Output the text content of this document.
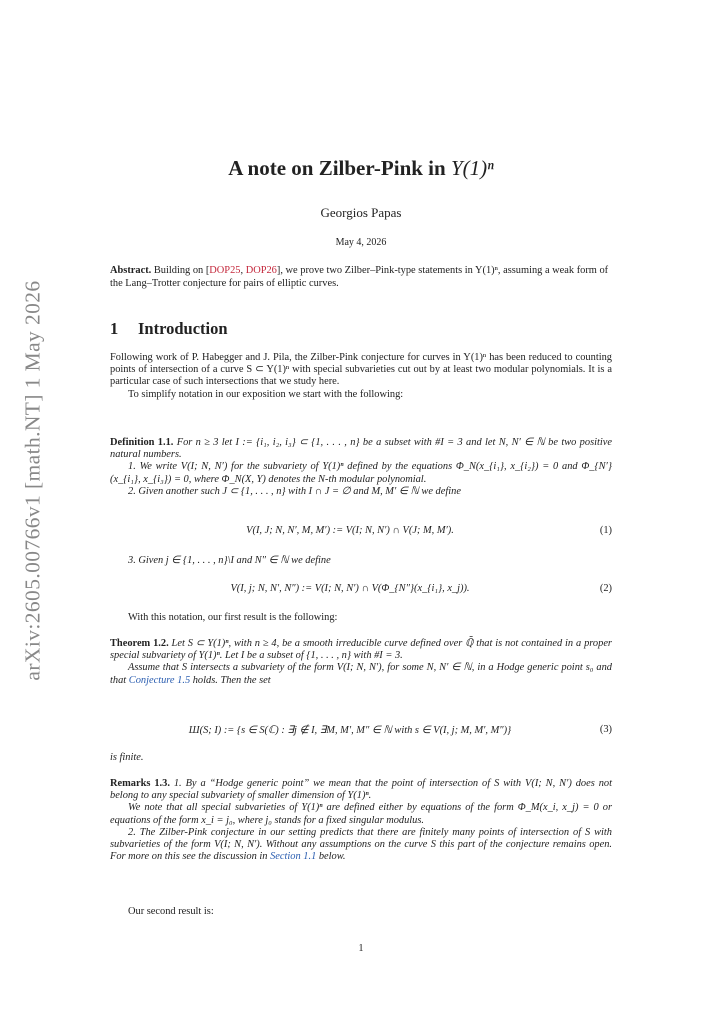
arXiv:2605.00766v1 [math.NT] 1 May 2026
A note on Zilber-Pink in Y(1)ⁿ
Georgios Papas
May 4, 2026
Abstract. Building on [DOP25, DOP26], we prove two Zilber–Pink-type statements in Y(1)ⁿ, assuming a weak form of the Lang–Trotter conjecture for pairs of elliptic curves.
1 Introduction

Following work of P. Habegger and J. Pila, the Zilber-Pink conjecture for curves in Y(1)ⁿ has been reduced to counting points of intersection of a curve S ⊂ Y(1)ⁿ with special subvarieties cut out by at least two modular polynomials. It is a particular case of such intersections that we study here.

To simplify notation in our exposition we start with the following:

Definition 1.1. For n ≥ 3 let I := {i₁, i₂, i₃} ⊂ {1, . . . , n} be a subset with #I = 3 and let N, N′ ∈ ℕ be two positive natural numbers.

1. We write V(I; N, N′) for the subvariety of Y(1)ⁿ defined by the equations Φ_N(x_{i₁}, x_{i₂}) = 0 and Φ_{N′}(x_{i₁}, x_{i₃}) = 0, where Φ_N(X, Y) denotes the N-th modular polynomial.

2. Given another such J ⊂ {1, . . . , n} with I ∩ J = ∅ and M, M′ ∈ ℕ we define

V(I, J; N, N′, M, M′) := V(I; N, N′) ∩ V(J; M, M′).	(1)

3. Given j ∈ {1, . . . , n}\I and N″ ∈ ℕ we define

V(I, j; N, N′, N″) := V(I; N, N′) ∩ V(Φ_{N″}(x_{i₁}, x_j)).	(2)

With this notation, our first result is the following:

Theorem 1.2. Let S ⊂ Y(1)ⁿ, with n ≥ 4, be a smooth irreducible curve defined over ℚ̄ that is not contained in a proper special subvariety of Y(1)ⁿ. Let I be a subset of {1, . . . , n} with #I = 3.

Assume that S intersects a subvariety of the form V(I; N, N′), for some N, N′ ∈ ℕ, in a Hodge generic point s₀ and that Conjecture 1.5 holds. Then the set

Ш(S; I) := {s ∈ S(ℂ) : ∃j ∉ I, ∃M, M′, M″ ∈ ℕ with s ∈ V(I, j; M, M′, M″)}	(3)

is finite.

Remarks 1.3. 1. By a “Hodge generic point” we mean that the point of intersection of S with V(I; N, N′) does not belong to any special subvariety of smaller dimension of Y(1)ⁿ.

We note that all special subvarieties of Y(1)ⁿ are defined either by equations of the form Φ_M(x_i, x_j) = 0 or equations of the form x_i = j₀, where j₀ stands for a fixed singular modulus.

2. The Zilber-Pink conjecture in our setting predicts that there are finitely many points of intersection of S with subvarieties of the form V(I; N, N′). Without any assumptions on the curve S this part of the conjecture remains open. For more on this see the discussion in Section 1.1 below.

Our second result is:

1
